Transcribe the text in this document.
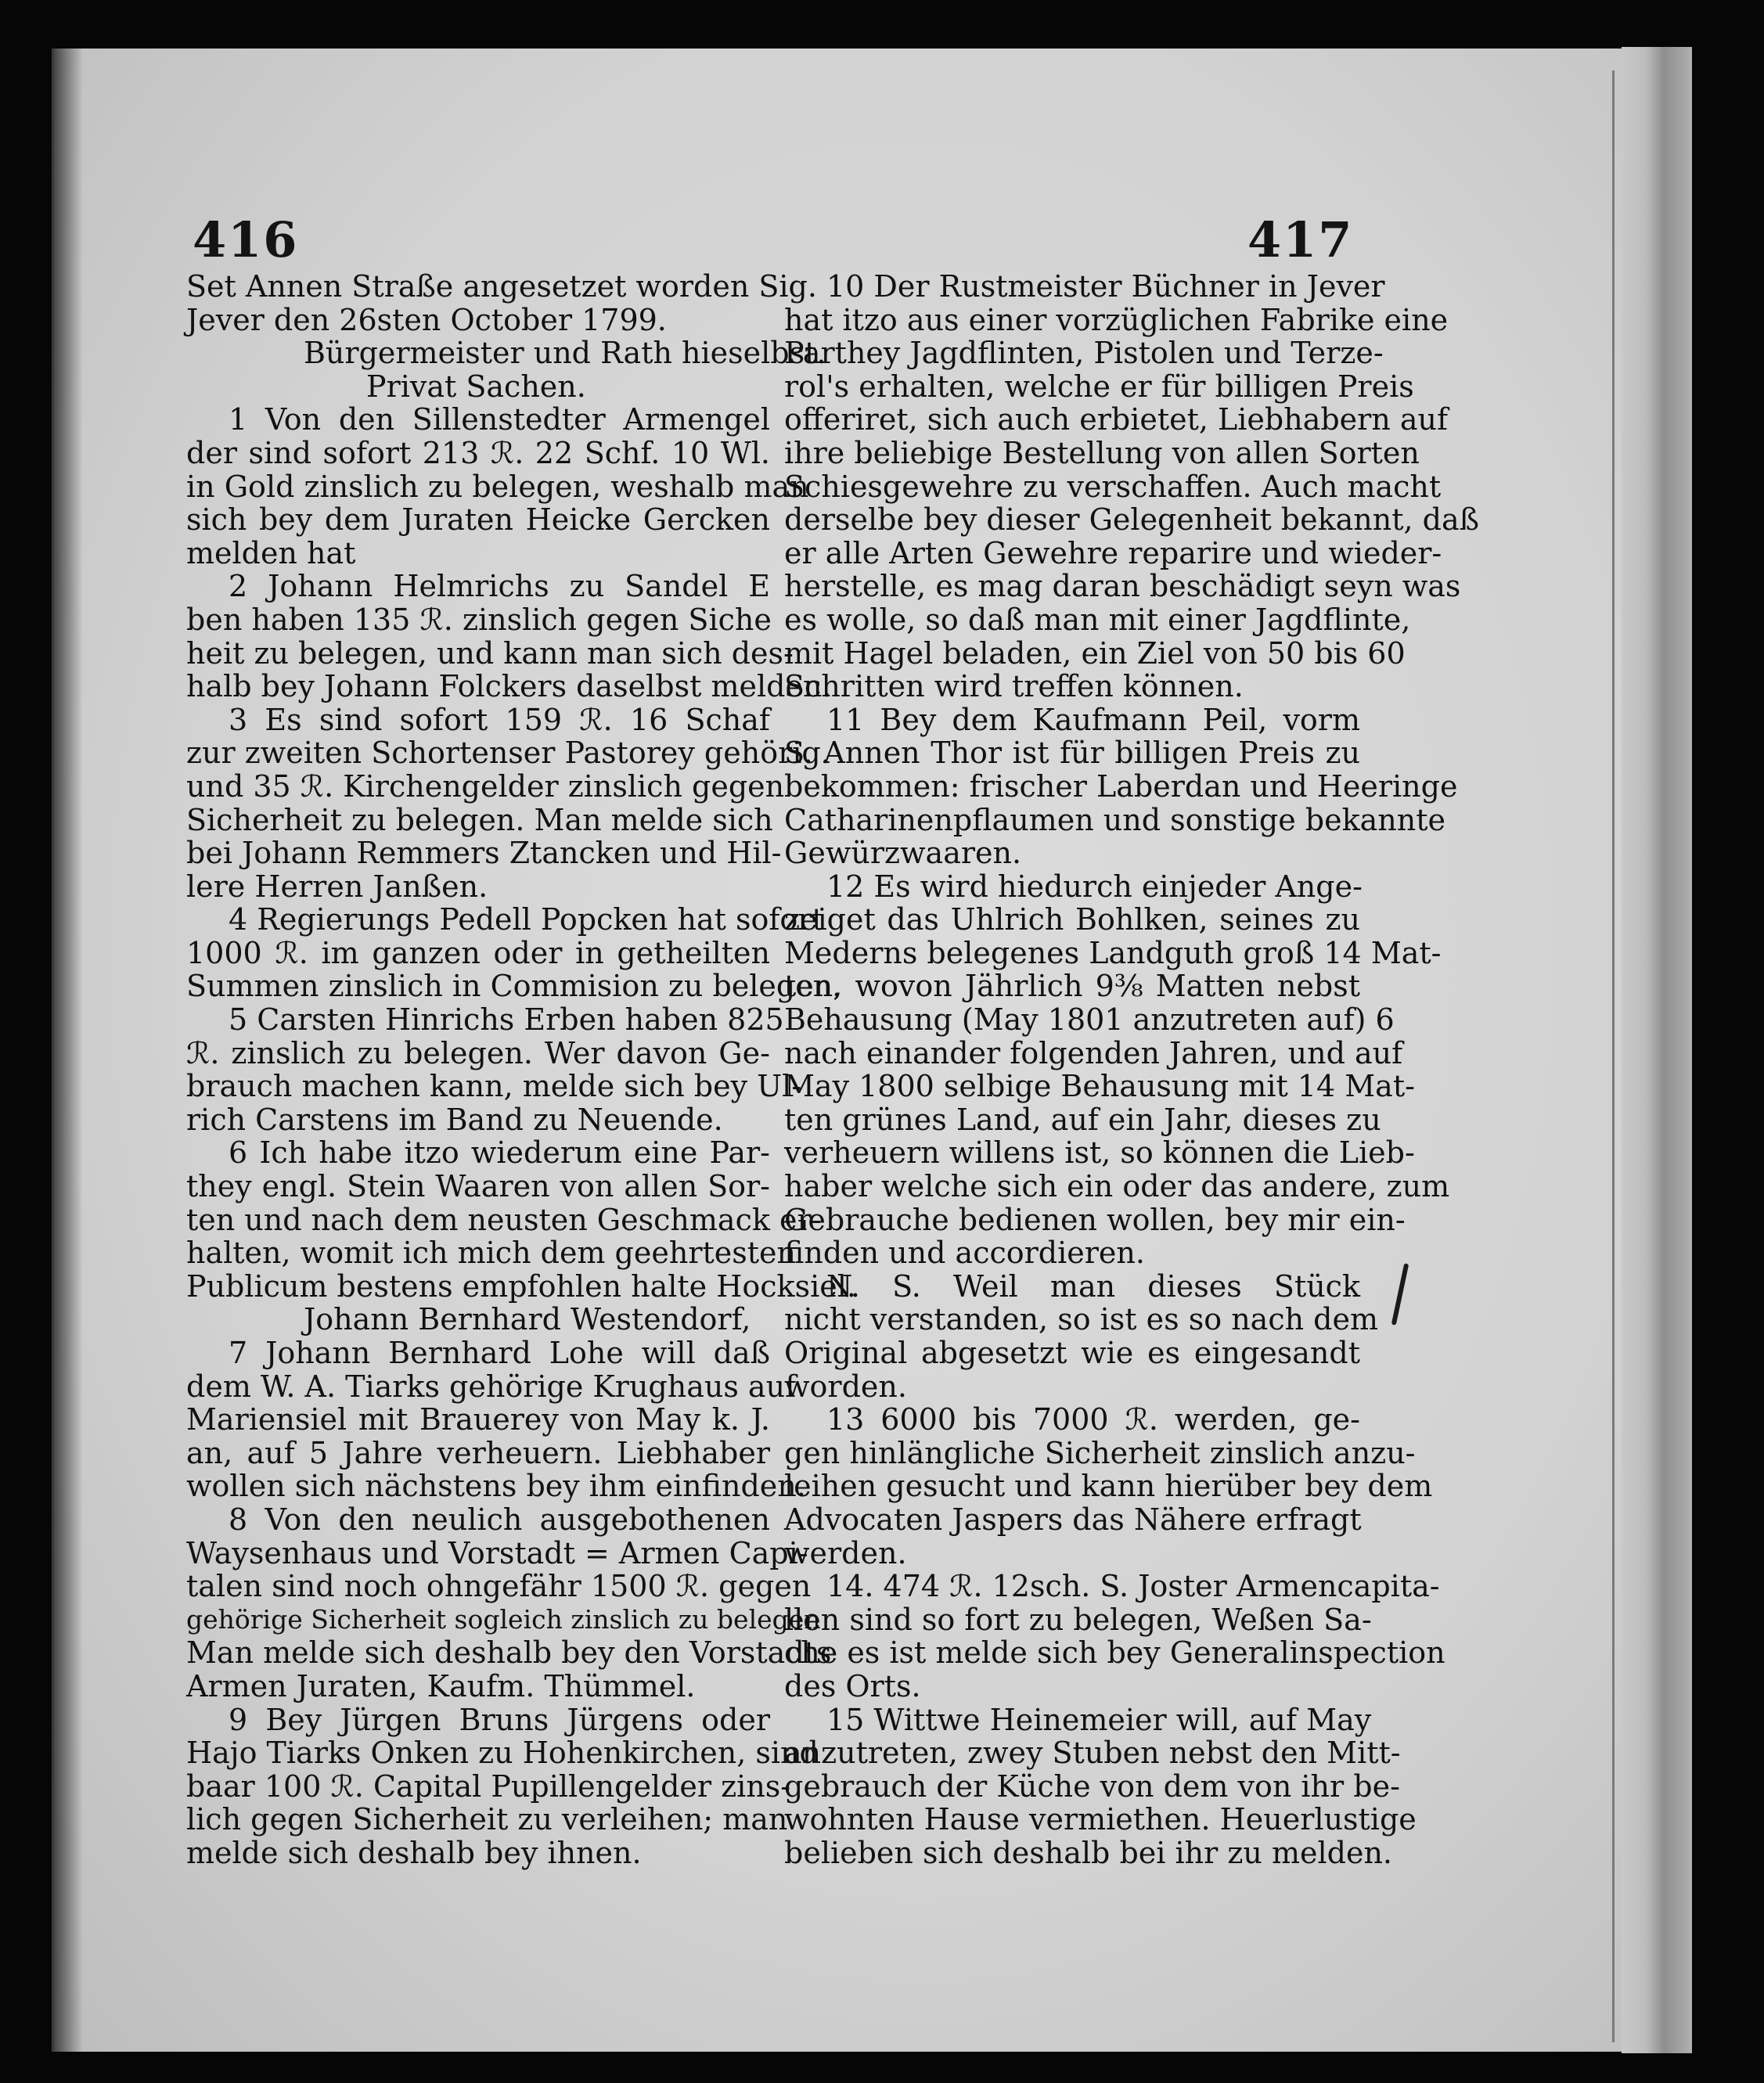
416	417
Set Annen Straße angesetzet worden Sig.
Jever den 26sten October 1799.
Bürgermeister und Rath hieselbst.
Privat Sachen.
1 Von den Sillenstedter Armengel
der sind sofort 213 ℛ. 22 Schf. 10 Wl.
in Gold zinslich zu belegen, weshalb man
sich bey dem Juraten Heicke Gercken
melden hat
2 Johann Helmrichs zu Sandel E
ben haben 135 ℛ. zinslich gegen Siche
heit zu belegen, und kann man sich des-
halb bey Johann Folckers daselbst melden.
3 Es sind sofort 159 ℛ. 16 Schaf
zur zweiten Schortenser Pastorey gehörig.
und 35 ℛ. Kirchengelder zinslich gegen
Sicherheit zu belegen. Man melde sich
bei Johann Remmers Ztancken und Hil-
lere Herren Janßen.
4 Regierungs Pedell Popcken hat sofort
1000 ℛ. im ganzen oder in getheilten
Summen zinslich in Commision zu belegen.
5 Carsten Hinrichs Erben haben 825
ℛ. zinslich zu belegen. Wer davon Ge-
brauch machen kann, melde sich bey Ul-
rich Carstens im Band zu Neuende.
6 Ich habe itzo wiederum eine Par-
they engl. Stein Waaren von allen Sor-
ten und nach dem neusten Geschmack er-
halten, womit ich mich dem geehrtesten
Publicum bestens empfohlen halte Hocksiel.
Johann Bernhard Westendorf,
7 Johann Bernhard Lohe will daß
dem W. A. Tiarks gehörige Krughaus auf
Mariensiel mit Brauerey von May k. J.
an, auf 5 Jahre verheuern. Liebhaber
wollen sich nächstens bey ihm einfinden.
8 Von den neulich ausgebothenen
Waysenhaus und Vorstadt = Armen Capi-
talen sind noch ohngefähr 1500 ℛ. gegen
gehörige Sicherheit sogleich zinslich zu belegen
Man melde sich deshalb bey den Vorstadts
Armen Juraten, Kaufm. Thümmel.
9 Bey Jürgen Bruns Jürgens oder
Hajo Tiarks Onken zu Hohenkirchen, sind
baar 100 ℛ. Capital Pupillengelder zins-
lich gegen Sicherheit zu verleihen; man
melde sich deshalb bey ihnen.
10 Der Rustmeister Büchner in Jever
hat itzo aus einer vorzüglichen Fabrike eine
Parthey Jagdflinten, Pistolen und Terze-
rol's erhalten, welche er für billigen Preis
offeriret, sich auch erbietet, Liebhabern auf
ihre beliebige Bestellung von allen Sorten
Schiesgewehre zu verschaffen. Auch macht
derselbe bey dieser Gelegenheit bekannt, daß
er alle Arten Gewehre reparire und wieder-
herstelle, es mag daran beschädigt seyn was
es wolle, so daß man mit einer Jagdflinte,
mit Hagel beladen, ein Ziel von 50 bis 60
Schritten wird treffen können.
11 Bey dem Kaufmann Peil, vorm
S. Annen Thor ist für billigen Preis zu
bekommen: frischer Laberdan und Heeringe
Catharinenpflaumen und sonstige bekannte
Gewürzwaaren.
12 Es wird hiedurch einjeder Ange-
zeiget das Uhlrich Bohlken, seines zu
Mederns belegenes Landguth groß 14 Mat-
ten, wovon Jährlich 9⅜ Matten nebst
Behausung (May 1801 anzutreten auf) 6
nach einander folgenden Jahren, und auf
May 1800 selbige Behausung mit 14 Mat-
ten grünes Land, auf ein Jahr, dieses zu
verheuern willens ist, so können die Lieb-
haber welche sich ein oder das andere, zum
Gebrauche bedienen wollen, bey mir ein-
finden und accordieren.
N. S. Weil man dieses Stück
nicht verstanden, so ist es so nach dem
Original abgesetzt wie es eingesandt
worden.
13 6000 bis 7000 ℛ. werden, ge-
gen hinlängliche Sicherheit zinslich anzu-
leihen gesucht und kann hierüber bey dem
Advocaten Jaspers das Nähere erfragt
werden.
14. 474 ℛ. 12sch. S. Joster Armencapita-
llen sind so fort zu belegen, Weßen Sa-
che es ist melde sich bey Generalinspection
des Orts.
15 Wittwe Heinemeier will, auf May
anzutreten, zwey Stuben nebst den Mitt-
gebrauch der Küche von dem von ihr be-
wohnten Hause vermiethen. Heuerlustige
belieben sich deshalb bei ihr zu melden.
